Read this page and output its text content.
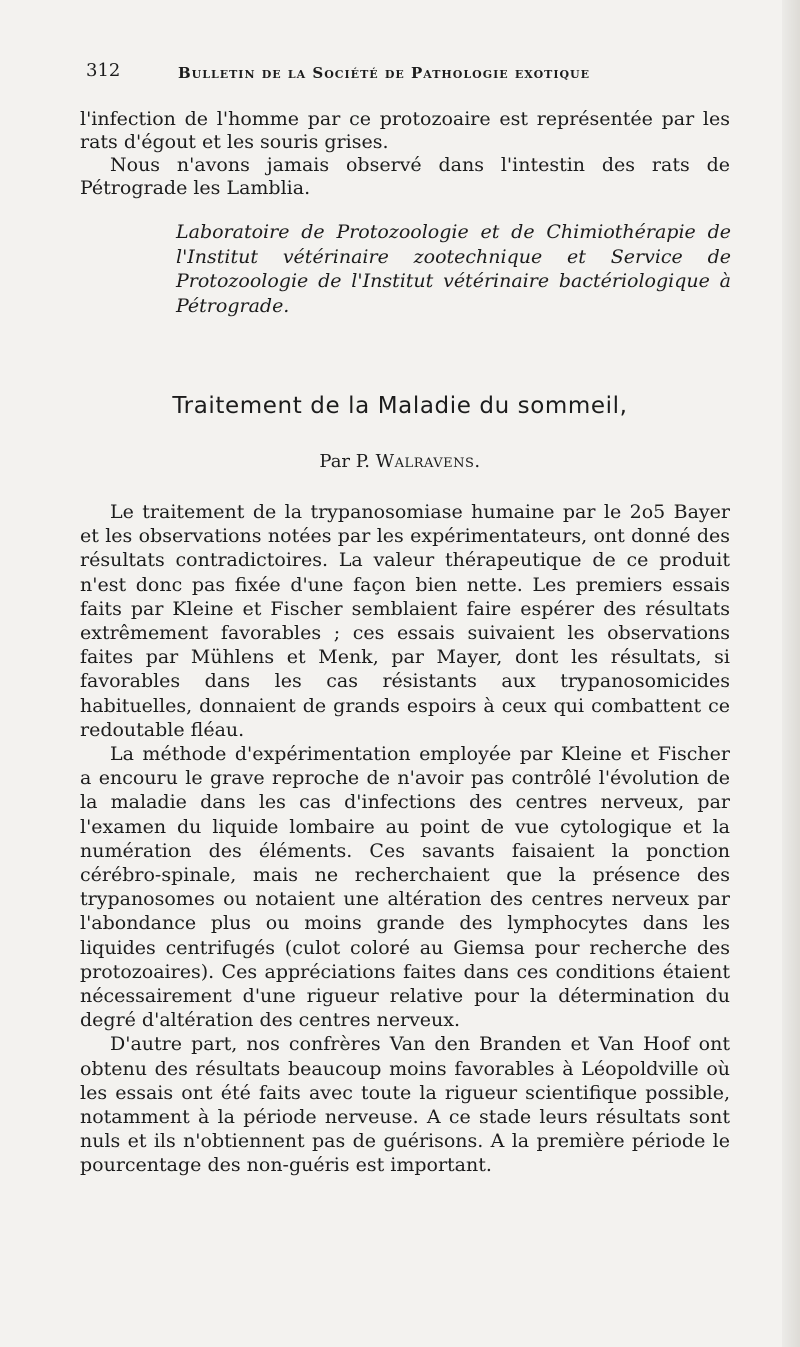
312	Bulletin de la Société de Pathologie exotique

l'infection de l'homme par ce protozoaire est représentée par les rats d'égout et les souris grises.

Nous n'avons jamais observé dans l'intestin des rats de Pétrograde les Lamblia.

Laboratoire de Protozoologie et de Chimiothérapie de l'Institut vétérinaire zootechnique et Service de Protozoologie de l'Institut vétérinaire bactériologique à Pétrograde.

Traitement de la Maladie du sommeil,
Par P. Walravens.

Le traitement de la trypanosomiase humaine par le 2o5 Bayer et les observations notées par les expérimentateurs, ont donné des résultats contradictoires. La valeur thérapeutique de ce produit n'est donc pas fixée d'une façon bien nette. Les premiers essais faits par Kleine et Fischer semblaient faire espérer des résultats extrêmement favorables ; ces essais suivaient les observations faites par Mühlens et Menk, par Mayer, dont les résultats, si favorables dans les cas résistants aux trypanosomicides habituelles, donnaient de grands espoirs à ceux qui combattent ce redoutable fléau.

La méthode d'expérimentation employée par Kleine et Fischer a encouru le grave reproche de n'avoir pas contrôlé l'évolution de la maladie dans les cas d'infections des centres nerveux, par l'examen du liquide lombaire au point de vue cytologique et la numération des éléments. Ces savants faisaient la ponction cérébro-spinale, mais ne recherchaient que la présence des trypanosomes ou notaient une altération des centres nerveux par l'abondance plus ou moins grande des lymphocytes dans les liquides centrifugés (culot coloré au Giemsa pour recherche des protozoaires). Ces appréciations faites dans ces conditions étaient nécessairement d'une rigueur relative pour la détermination du degré d'altération des centres nerveux.

D'autre part, nos confrères Van den Branden et Van Hoof ont obtenu des résultats beaucoup moins favorables à Léopoldville où les essais ont été faits avec toute la rigueur scientifique possible, notamment à la période nerveuse. A ce stade leurs résultats sont nuls et ils n'obtiennent pas de guérisons. A la première période le pourcentage des non-guéris est important.
